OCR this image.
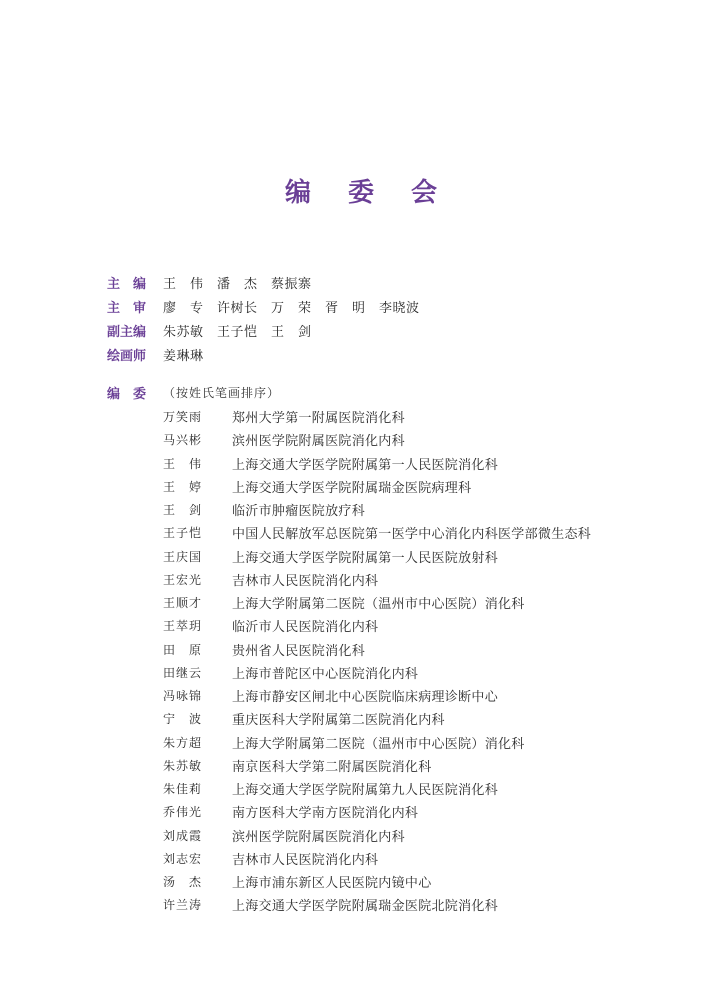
编 委 会
主　编	王　伟　潘　杰　蔡振寨
主　审	廖　专　许树长　万　荣　胥　明　李晓波
副主编	朱苏敏　王子恺　王　剑
绘画师	姜琳琳
编　委	（按姓氏笔画排序）
万笑雨	郑州大学第一附属医院消化科
马兴彬	滨州医学院附属医院消化内科
王　伟	上海交通大学医学院附属第一人民医院消化科
王　婷	上海交通大学医学院附属瑞金医院病理科
王　剑	临沂市肿瘤医院放疗科
王子恺	中国人民解放军总医院第一医学中心消化内科医学部微生态科
王庆国	上海交通大学医学院附属第一人民医院放射科
王宏光	吉林市人民医院消化内科
王顺才	上海大学附属第二医院（温州市中心医院）消化科
王萃玥	临沂市人民医院消化内科
田　原	贵州省人民医院消化科
田继云	上海市普陀区中心医院消化内科
冯咏锦	上海市静安区闸北中心医院临床病理诊断中心
宁　波	重庆医科大学附属第二医院消化内科
朱方超	上海大学附属第二医院（温州市中心医院）消化科
朱苏敏	南京医科大学第二附属医院消化科
朱佳莉	上海交通大学医学院附属第九人民医院消化科
乔伟光	南方医科大学南方医院消化内科
刘成霞	滨州医学院附属医院消化内科
刘志宏	吉林市人民医院消化内科
汤　杰	上海市浦东新区人民医院内镜中心
许兰涛	上海交通大学医学院附属瑞金医院北院消化科
